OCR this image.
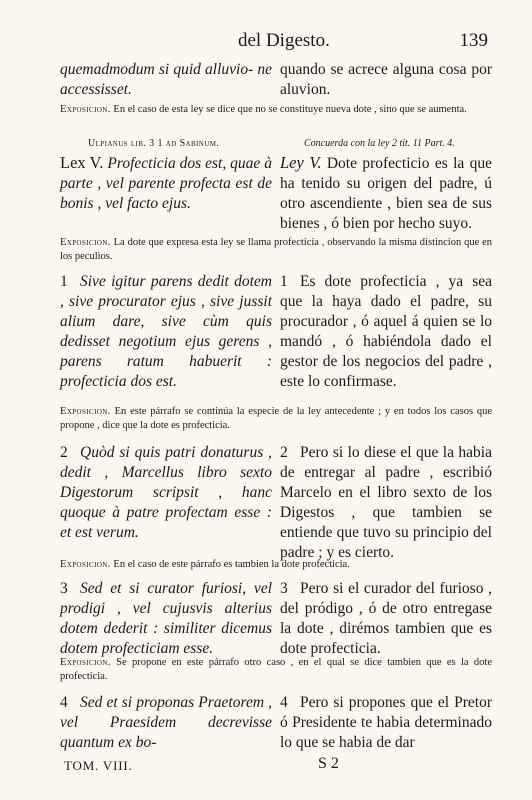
del Digesto.	139

quemadmodum si quid alluvio- ne accessisset.

quando se acrece alguna cosa por aluvion.

Exposicion. En el caso de esta ley se dice que no se constituye nueva dote , sino que se aumenta.
Ulpianus lib. 3 1 ad Sabinum.	Concuerda con la ley 2 tit. 11 Part. 4.

Lex V. Profecticia dos est, quae à parte , vel parente profecta est de bonis , vel facto ejus.

Ley V. Dote profecticio es la que ha tenido su origen del padre, ú otro ascendiente , bien sea de sus bienes , ó bien por hecho suyo.

Exposicion. La dote que expresa esta ley se llama profecticia , observando la misma distincion que en los peculios.

1 Sive igitur parens dedit dotem , sive procurator ejus , sive jussit alium dare, sive cùm quis dedisset negotium ejus gerens , parens ratum habuerit : profecticia dos est.

1 Es dote profecticia , ya sea que la haya dado el padre, su procurador , ó aquel á quien se lo mandó , ó habiéndola dado el gestor de los negocios del padre , este lo confirmase.

Exposicion. En este párrafo se continúa la especie de la ley antecedente ; y en todos los casos que propone , dice que la dote es profecticia.

2 Quòd si quis patri donaturus , dedit , Marcellus libro sexto Digestorum scripsit , hanc quoque à patre profectam esse : et est verum.

2 Pero si lo diese el que la habia de entregar al padre , escribió Marcelo en el libro sexto de los Digestos , que tambien se entiende que tuvo su principio del padre ; y es cierto.

Exposicion. En el caso de este párrafo es tambien la dote profecticia.

3 Sed et si curator furiosi, vel prodigi , vel cujusvis alterius dotem dederit : similiter dicemus dotem profecticiam esse.

3 Pero si el curador del furioso , del pródigo , ó de otro entregase la dote , dirémos tambien que es dote profecticia.

Exposicion. Se propone en este párrafo otro caso , en el qual se dice tambien que es la dote profecticia.

4 Sed et si proponas Praetorem , vel Praesidem decrevisse quantum ex bo-

4 Pero si propones que el Pretor ó Presidente te habia determinado lo que se habia de dar

TOM. VIII.	S 2
